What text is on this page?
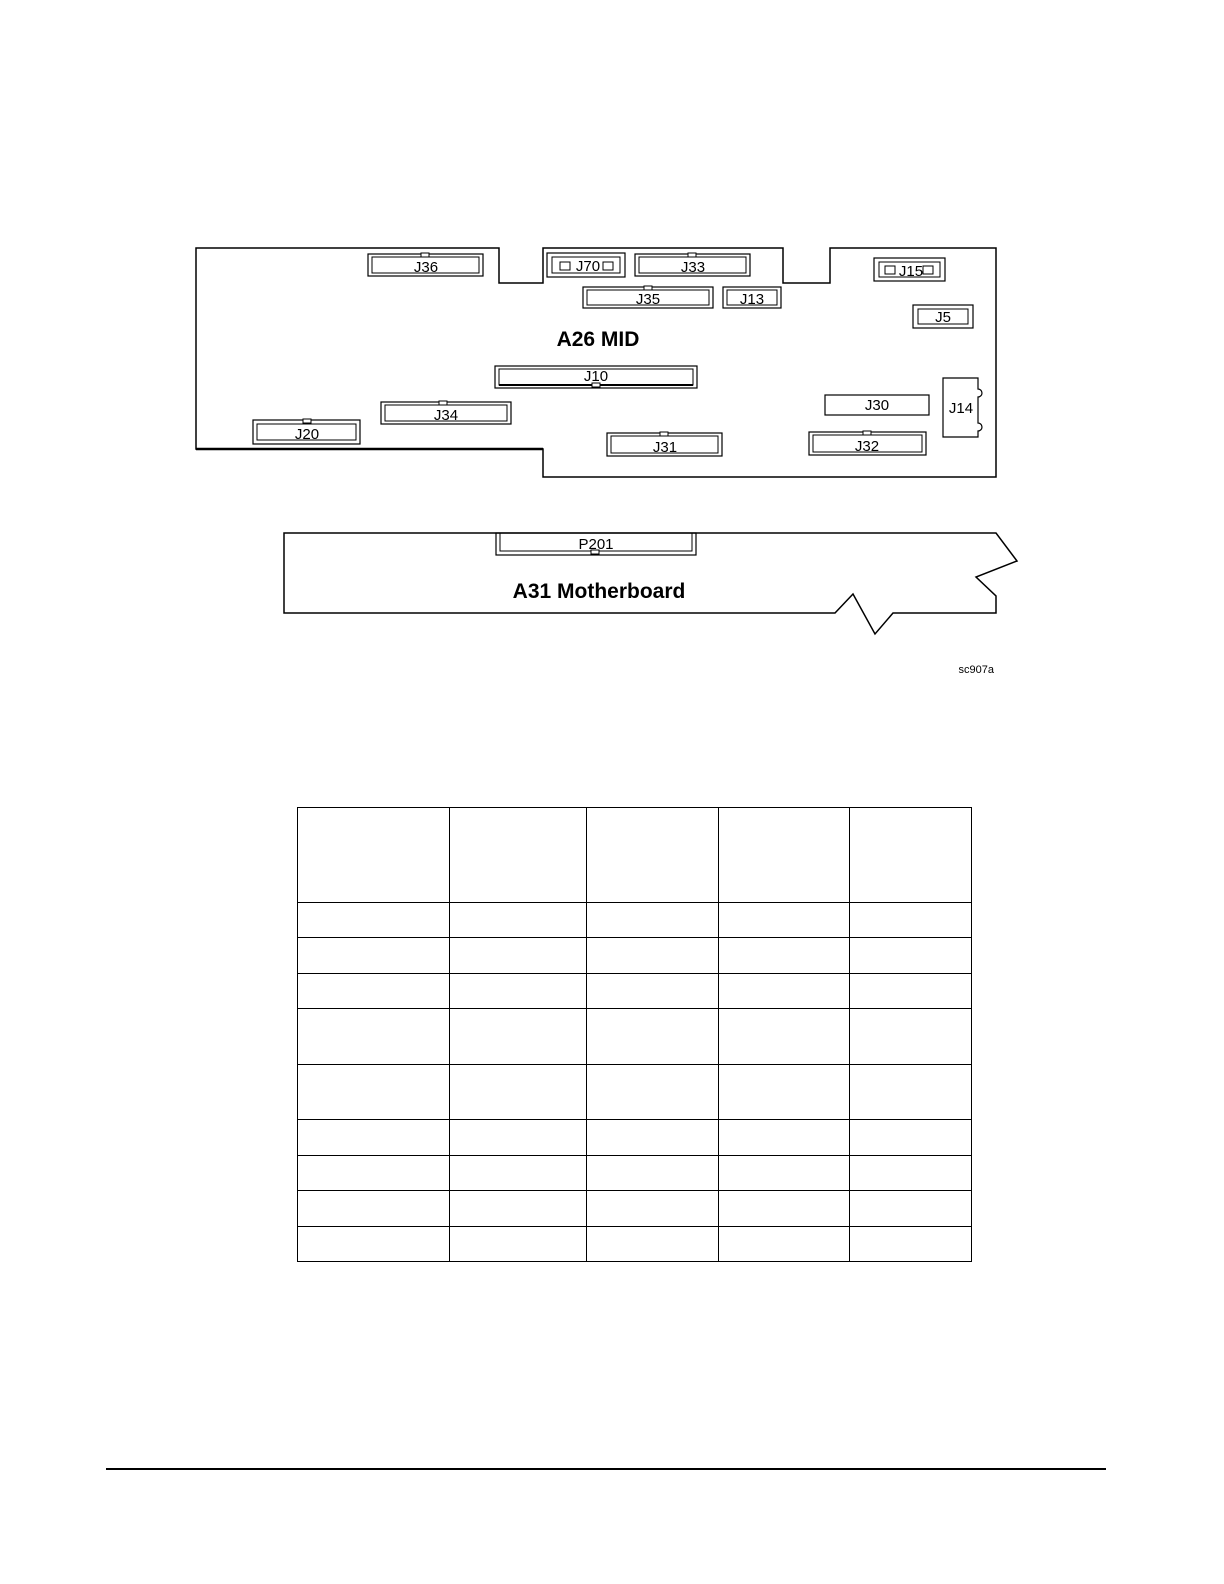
J36	J70	J33	J15
J35	J13
J5
A26 MID
J10
J30	J14
J34
J20
J31	J32
P201
A31 Motherboard
sc907a
